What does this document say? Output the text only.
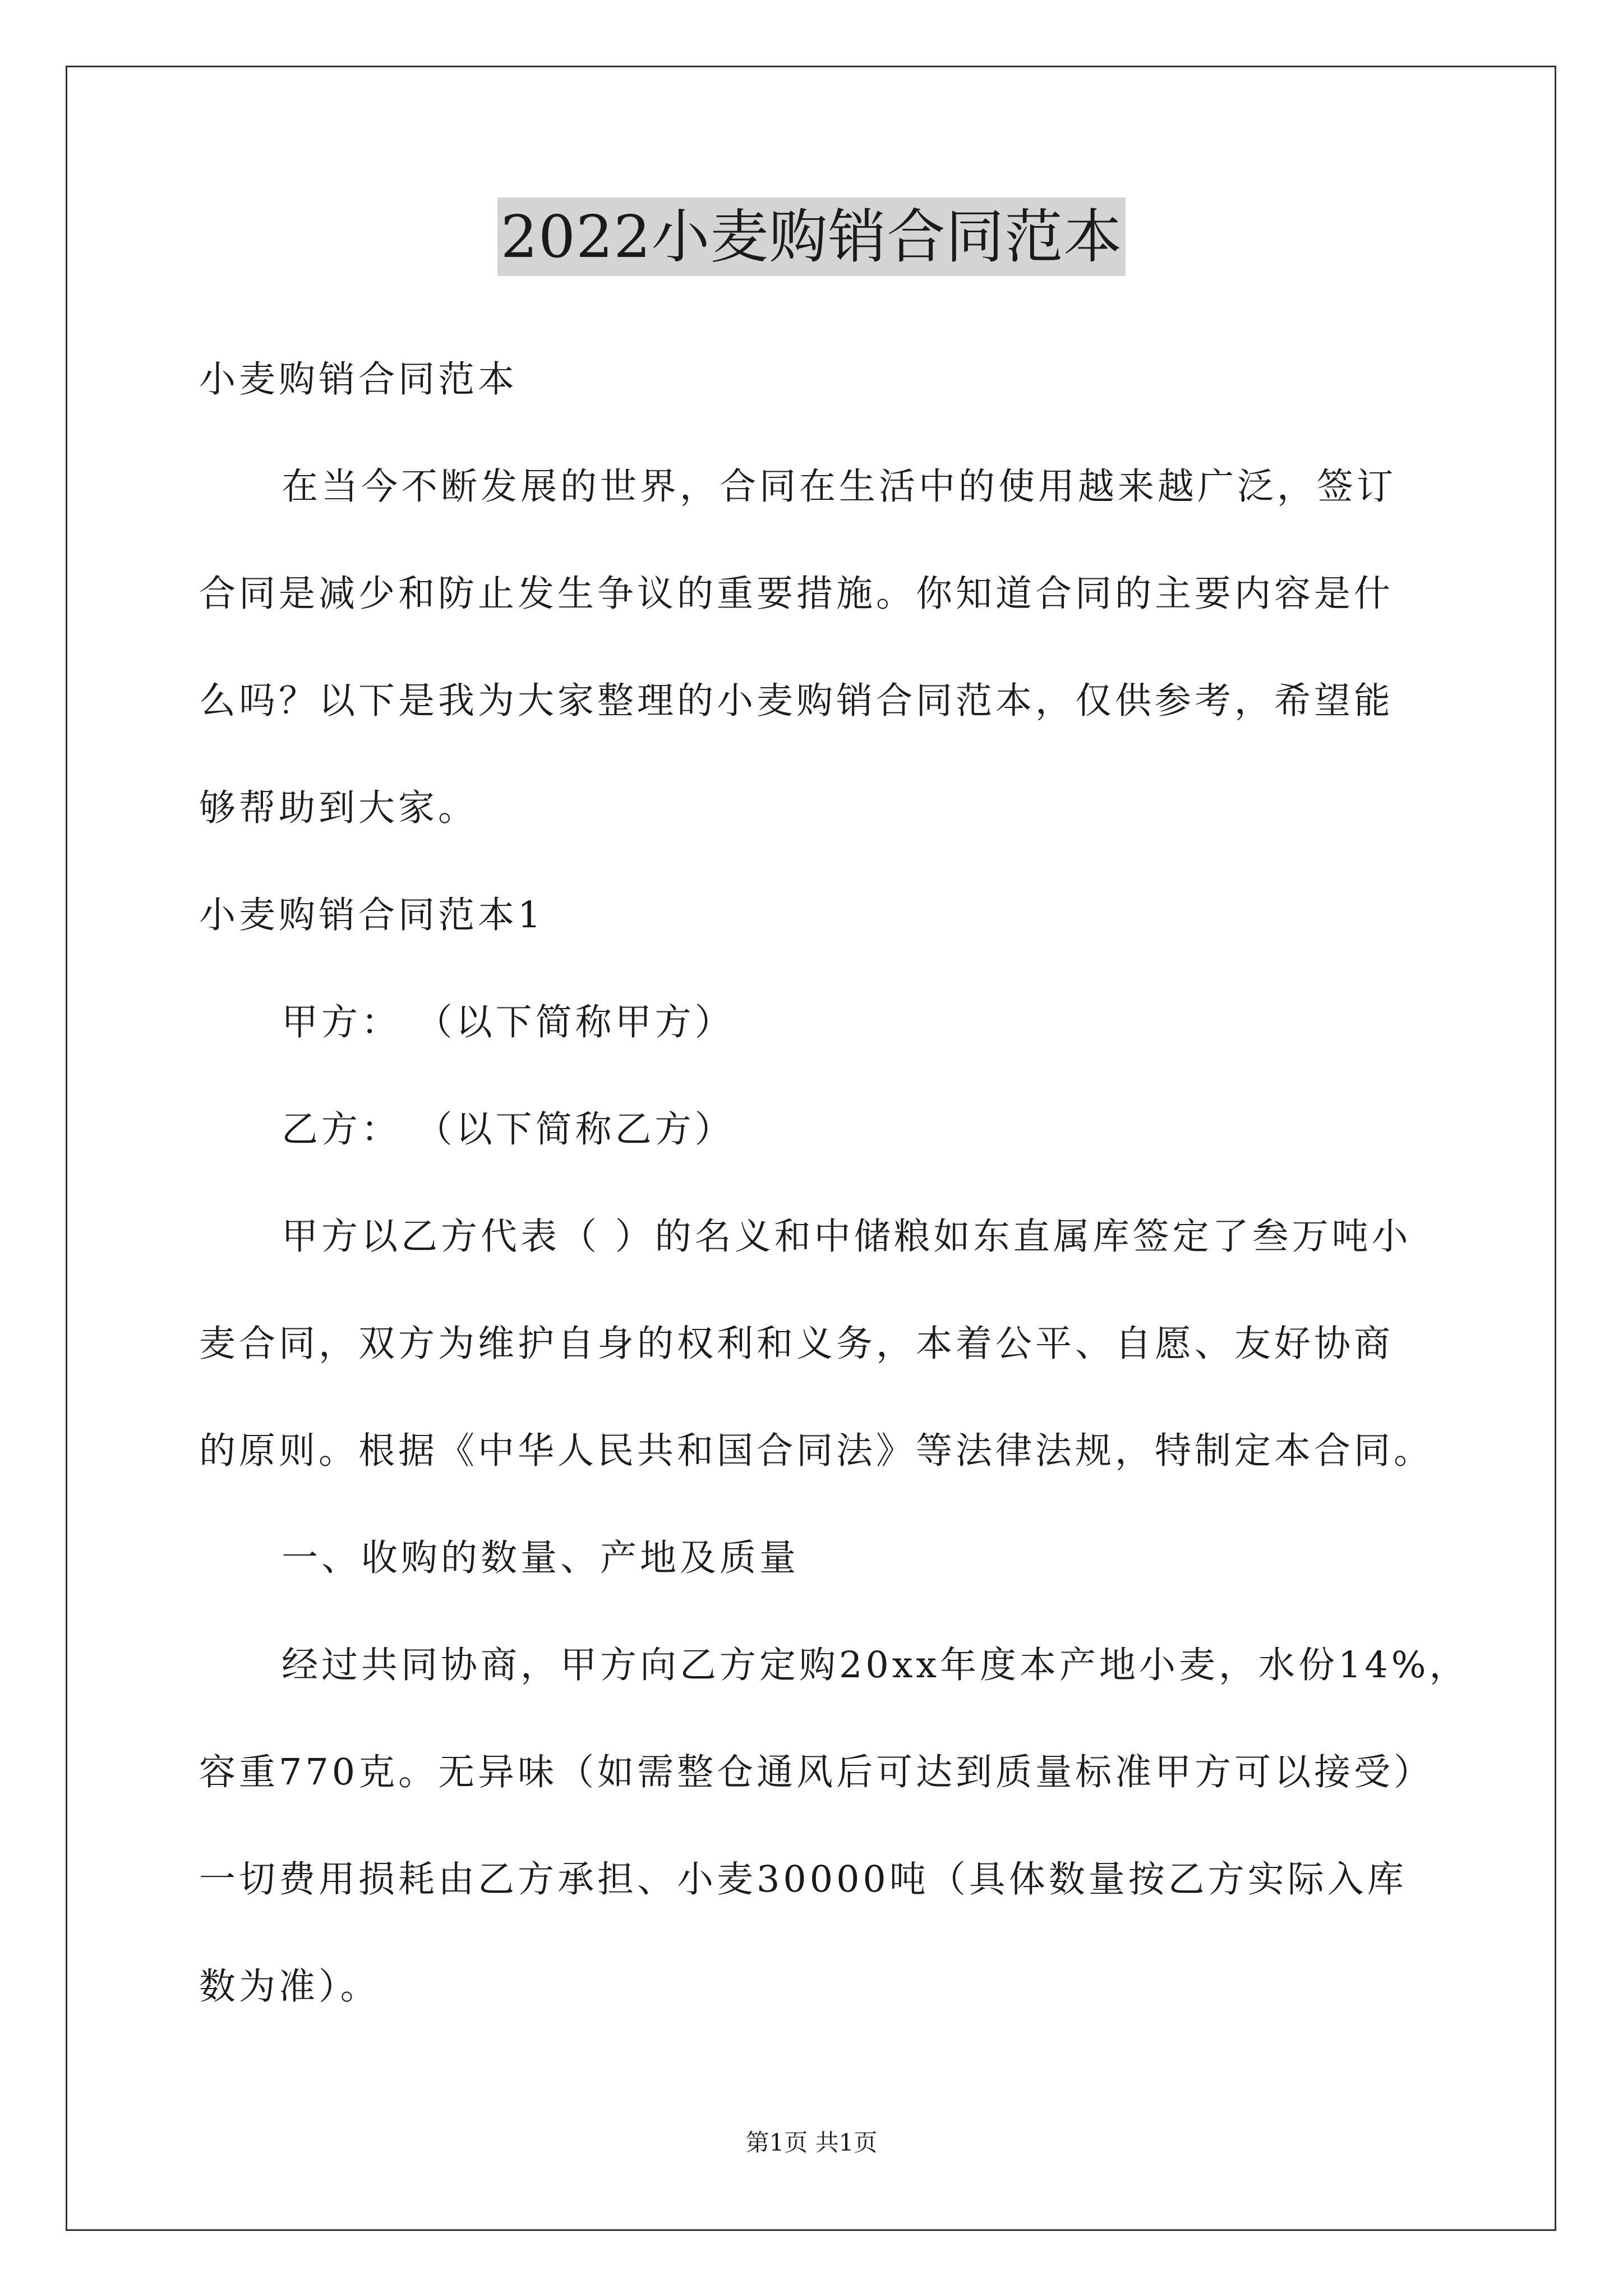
2022小麦购销合同范本
小麦购销合同范本
在当今不断发展的世界，合同在生活中的使用越来越广泛，签订
合同是减少和防止发生争议的重要措施。你知道合同的主要内容是什
么吗？以下是我为大家整理的小麦购销合同范本，仅供参考，希望能
够帮助到大家。
小麦购销合同范本1
甲方： （以下简称甲方）
乙方： （以下简称乙方）
甲方以乙方代表（ ）的名义和中储粮如东直属库签定了叁万吨小
麦合同，双方为维护自身的权利和义务，本着公平、自愿、友好协商
的原则。根据《中华人民共和国合同法》等法律法规，特制定本合同。
一、收购的数量、产地及质量
经过共同协商，甲方向乙方定购20xx年度本产地小麦，水份14%，
容重770克。无异味（如需整仓通风后可达到质量标准甲方可以接受）
一切费用损耗由乙方承担、小麦30000吨（具体数量按乙方实际入库
数为准）。
第1页 共1页
